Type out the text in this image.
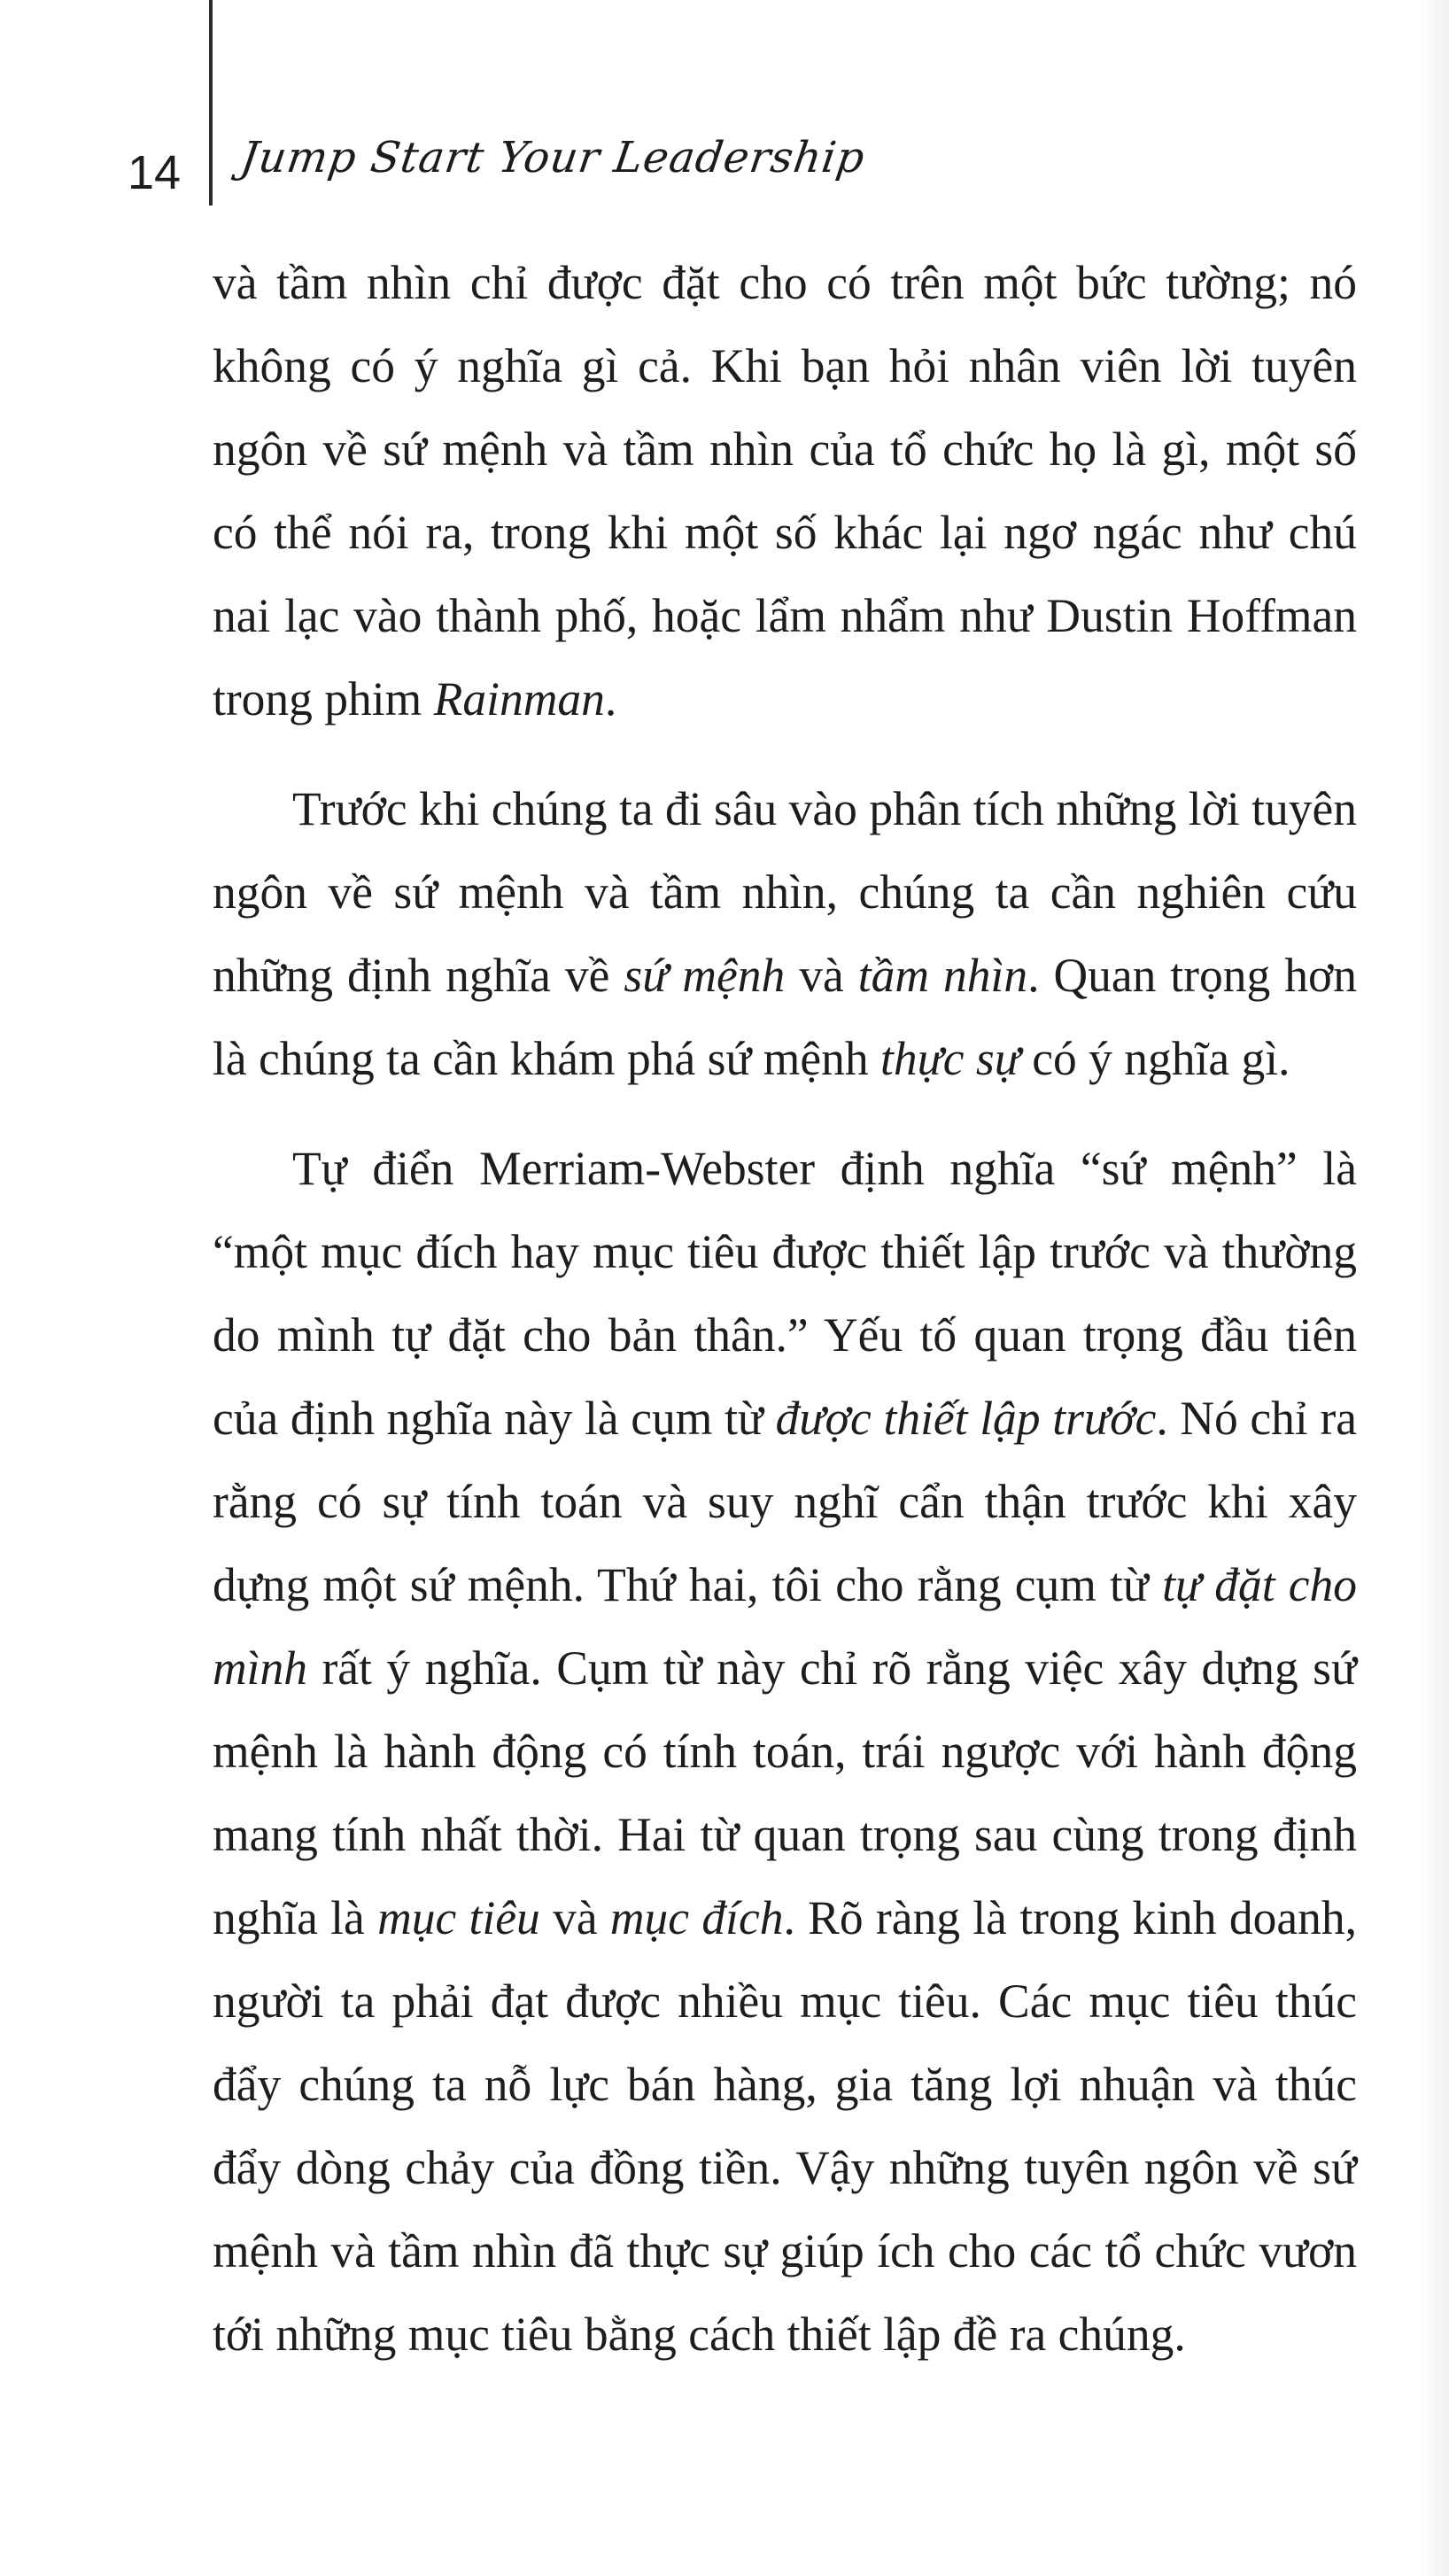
14 Jump Start Your Leadership

và tầm nhìn chỉ được đặt cho có trên một bức tường; nó không có ý nghĩa gì cả. Khi bạn hỏi nhân viên lời tuyên ngôn về sứ mệnh và tầm nhìn của tổ chức họ là gì, một số có thể nói ra, trong khi một số khác lại ngơ ngác như chú nai lạc vào thành phố, hoặc lẩm nhẩm như Dustin Hoffman trong phim Rainman.

Trước khi chúng ta đi sâu vào phân tích những lời tuyên ngôn về sứ mệnh và tầm nhìn, chúng ta cần nghiên cứu những định nghĩa về sứ mệnh và tầm nhìn. Quan trọng hơn là chúng ta cần khám phá sứ mệnh thực sự có ý nghĩa gì.

Tự điển Merriam-Webster định nghĩa “sứ mệnh” là “một mục đích hay mục tiêu được thiết lập trước và thường do mình tự đặt cho bản thân.” Yếu tố quan trọng đầu tiên của định nghĩa này là cụm từ được thiết lập trước. Nó chỉ ra rằng có sự tính toán và suy nghĩ cẩn thận trước khi xây dựng một sứ mệnh. Thứ hai, tôi cho rằng cụm từ tự đặt cho mình rất ý nghĩa. Cụm từ này chỉ rõ rằng việc xây dựng sứ mệnh là hành động có tính toán, trái ngược với hành động mang tính nhất thời. Hai từ quan trọng sau cùng trong định nghĩa là mục tiêu và mục đích. Rõ ràng là trong kinh doanh, người ta phải đạt được nhiều mục tiêu. Các mục tiêu thúc đẩy chúng ta nỗ lực bán hàng, gia tăng lợi nhuận và thúc đẩy dòng chảy của đồng tiền. Vậy những tuyên ngôn về sứ mệnh và tầm nhìn đã thực sự giúp ích cho các tổ chức vươn tới những mục tiêu bằng cách thiết lập đề ra chúng.
